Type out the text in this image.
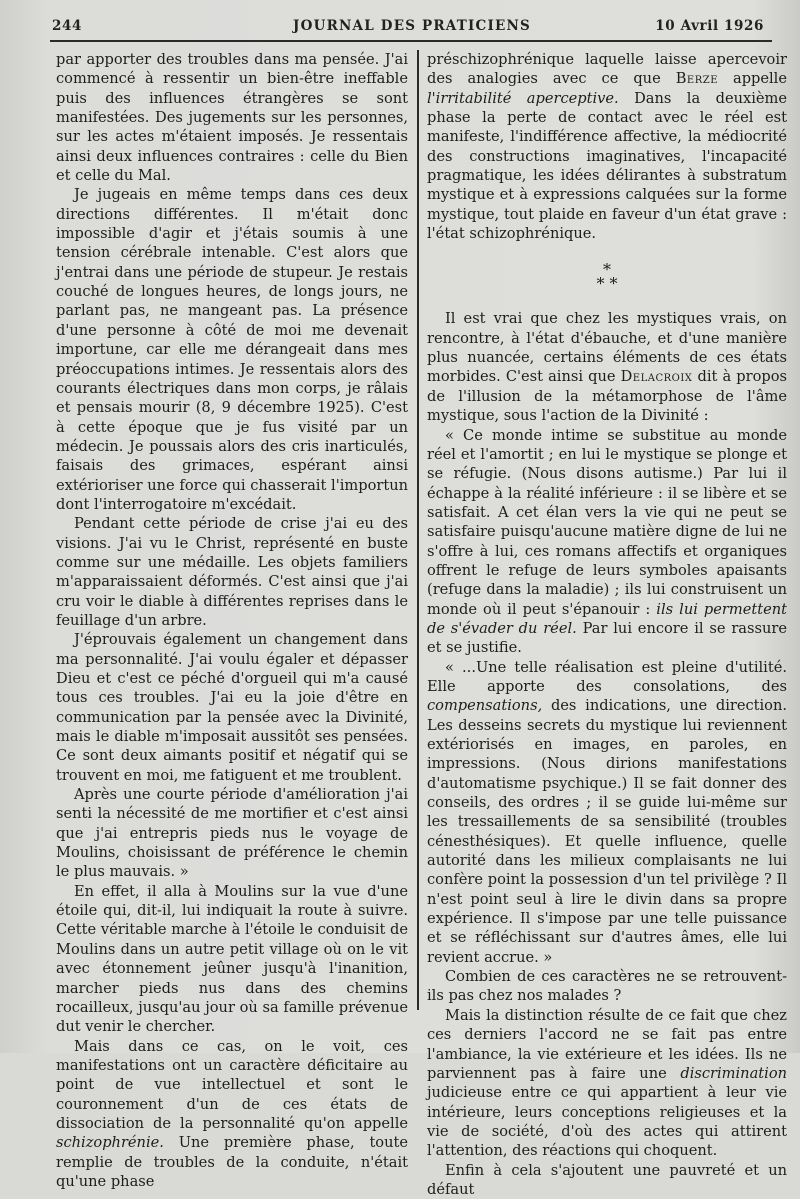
244	JOURNAL DES PRATICIENS	10 Avril 1926

par apporter des troubles dans ma pensée. J'ai commencé à ressentir un bien-être ineffable puis des influences étrangères se sont manifestées. Des jugements sur les personnes, sur les actes m'étaient imposés. Je ressentais ainsi deux influences contraires : celle du Bien et celle du Mal.

Je jugeais en même temps dans ces deux directions différentes. Il m'était donc impossible d'agir et j'étais soumis à une tension cérébrale intenable. C'est alors que j'entrai dans une période de stupeur. Je restais couché de longues heures, de longs jours, ne parlant pas, ne mangeant pas. La présence d'une personne à côté de moi me devenait importune, car elle me dérangeait dans mes préoccupations intimes. Je ressentais alors des courants électriques dans mon corps, je râlais et pensais mourir (8, 9 décembre 1925). C'est à cette époque que je fus visité par un médecin. Je poussais alors des cris inarticulés, faisais des grimaces, espérant ainsi extérioriser une force qui chasserait l'importun dont l'interrogatoire m'excédait.

Pendant cette période de crise j'ai eu des visions. J'ai vu le Christ, représenté en buste comme sur une médaille. Les objets familiers m'apparaissaient déformés. C'est ainsi que j'ai cru voir le diable à différentes reprises dans le feuillage d'un arbre.

J'éprouvais également un changement dans ma personnalité. J'ai voulu égaler et dépasser Dieu et c'est ce péché d'orgueil qui m'a causé tous ces troubles. J'ai eu la joie d'être en communication par la pensée avec la Divinité, mais le diable m'imposait aussitôt ses pensées. Ce sont deux aimants positif et négatif qui se trouvent en moi, me fatiguent et me troublent.

Après une courte période d'amélioration j'ai senti la nécessité de me mortifier et c'est ainsi que j'ai entrepris pieds nus le voyage de Moulins, choisissant de préférence le chemin le plus mauvais. »

En effet, il alla à Moulins sur la vue d'une étoile qui, dit-il, lui indiquait la route à suivre. Cette véritable marche à l'étoile le conduisit de Moulins dans un autre petit village où on le vit avec étonnement jeûner jusqu'à l'inanition, marcher pieds nus dans des chemins rocailleux, jusqu'au jour où sa famille prévenue dut venir le chercher.

Mais dans ce cas, on le voit, ces manifestations ont un caractère déficitaire au point de vue intellectuel et sont le couronnement d'un de ces états de dissociation de la personnalité qu'on appelle schizophrénie. Une première phase, toute remplie de troubles de la conduite, n'était qu'une phase

préschizophrénique laquelle laisse apercevoir des analogies avec ce que Berze appelle l'irritabilité aperceptive. Dans la deuxième phase la perte de contact avec le réel est manifeste, l'indifférence affective, la médiocrité des constructions imaginatives, l'incapacité pragmatique, les idées délirantes à substratum mystique et à expressions calquées sur la forme mystique, tout plaide en faveur d'un état grave : l'état schizophrénique.

*
* *

Il est vrai que chez les mystiques vrais, on rencontre, à l'état d'ébauche, et d'une manière plus nuancée, certains éléments de ces états morbides. C'est ainsi que Delacroix dit à propos de l'illusion de la métamorphose de l'âme mystique, sous l'action de la Divinité :

« Ce monde intime se substitue au monde réel et l'amortit ; en lui le mystique se plonge et se réfugie. (Nous disons autisme.) Par lui il échappe à la réalité inférieure : il se libère et se satisfait. A cet élan vers la vie qui ne peut se satisfaire puisqu'aucune matière digne de lui ne s'offre à lui, ces romans affectifs et organiques offrent le refuge de leurs symboles apaisants (refuge dans la maladie) ; ils lui construisent un monde où il peut s'épanouir : ils lui permettent de s'évader du réel. Par lui encore il se rassure et se justifie.

« ...Une telle réalisation est pleine d'utilité. Elle apporte des consolations, des compensations, des indications, une direction. Les desseins secrets du mystique lui reviennent extériorisés en images, en paroles, en impressions. (Nous dirions manifestations d'automatisme psychique.) Il se fait donner des conseils, des ordres ; il se guide lui-même sur les tressaillements de sa sensibilité (troubles cénesthésiques). Et quelle influence, quelle autorité dans les milieux complaisants ne lui confère point la possession d'un tel privilège ? Il n'est point seul à lire le divin dans sa propre expérience. Il s'impose par une telle puissance et se réfléchissant sur d'autres âmes, elle lui revient accrue. »

Combien de ces caractères ne se retrouvent-ils pas chez nos malades ?

Mais la distinction résulte de ce fait que chez ces derniers l'accord ne se fait pas entre l'ambiance, la vie extérieure et les idées. Ils ne parviennent pas à faire une discrimination judicieuse entre ce qui appartient à leur vie intérieure, leurs conceptions religieuses et la vie de société, d'où des actes qui attirent l'attention, des réactions qui choquent.

Enfin à cela s'ajoutent une pauvreté et un défaut
